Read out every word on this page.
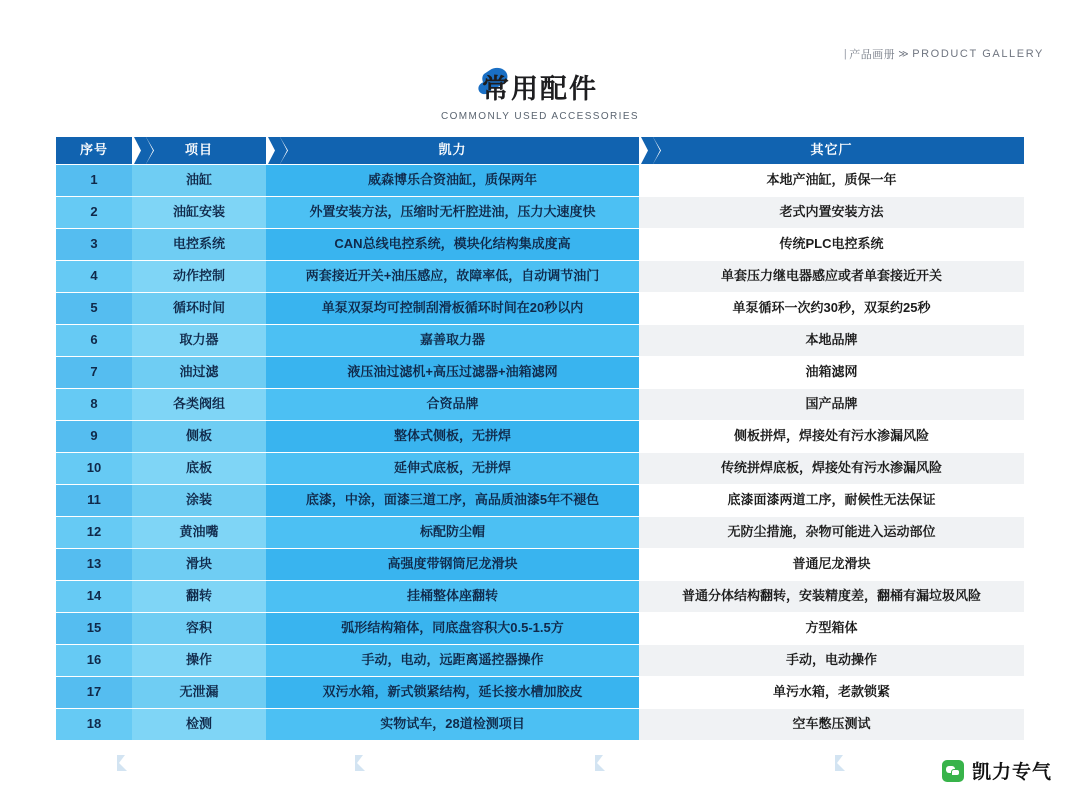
| 产品画册 ≫ PRODUCT GALLERY
常用配件
COMMONLY USED ACCESSORIES
序号	项目	凯力	其它厂
1	油缸	威森博乐合资油缸，质保两年	本地产油缸，质保一年
2	油缸安装	外置安装方法，压缩时无杆腔进油，压力大速度快	老式内置安装方法
3	电控系统	CAN总线电控系统，模块化结构集成度高	传统PLC电控系统
4	动作控制	两套接近开关+油压感应，故障率低，自动调节油门	单套压力继电器感应或者单套接近开关
5	循环时间	单泵双泵均可控制刮滑板循环时间在20秒以内	单泵循环一次约30秒，双泵约25秒
6	取力器	嘉善取力器	本地品牌
7	油过滤	液压油过滤机+高压过滤器+油箱滤网	油箱滤网
8	各类阀组	合资品牌	国产品牌
9	侧板	整体式侧板，无拼焊	侧板拼焊，焊接处有污水渗漏风险
10	底板	延伸式底板，无拼焊	传统拼焊底板，焊接处有污水渗漏风险
11	涂装	底漆，中涂，面漆三道工序，高品质油漆5年不褪色	底漆面漆两道工序，耐候性无法保证
12	黄油嘴	标配防尘帽	无防尘措施，杂物可能进入运动部位
13	滑块	高强度带钢筒尼龙滑块	普通尼龙滑块
14	翻转	挂桶整体座翻转	普通分体结构翻转，安装精度差，翻桶有漏垃圾风险
15	容积	弧形结构箱体，同底盘容积大0.5-1.5方	方型箱体
16	操作	手动，电动，远距离遥控器操作	手动，电动操作
17	无泄漏	双污水箱，新式锁紧结构，延长接水槽加胶皮	单污水箱，老款锁紧
18	检测	实物试车，28道检测项目	空车憋压测试
凯力专气
